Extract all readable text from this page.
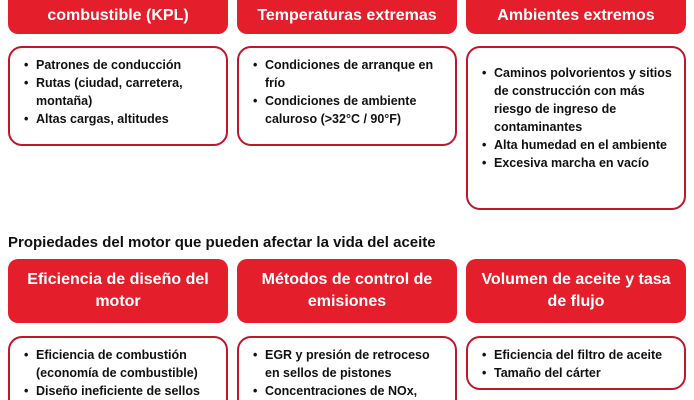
combustible (KPL)	Temperaturas extremas	Ambientes extremos
• Patrones de conducción
• Rutas (ciudad, carretera, montaña)
• Altas cargas, altitudes
• Condiciones de arranque en frío
• Condiciones de ambiente caluroso (>32°C / 90°F)
• Caminos polvorientos y sitios de construcción con más riesgo de ingreso de contaminantes
• Alta humedad en el ambiente
• Excesiva marcha en vacío
Propiedades del motor que pueden afectar la vida del aceite
Eficiencia de diseño del motor
Métodos de control de emisiones
Volumen de aceite y tasa de flujo
• Eficiencia de combustión (economía de combustible)
• Diseño ineficiente de sellos
• EGR y presión de retroceso en sellos de pistones
• Concentraciones de NOx,
• Eficiencia del filtro de aceite
• Tamaño del cárter
